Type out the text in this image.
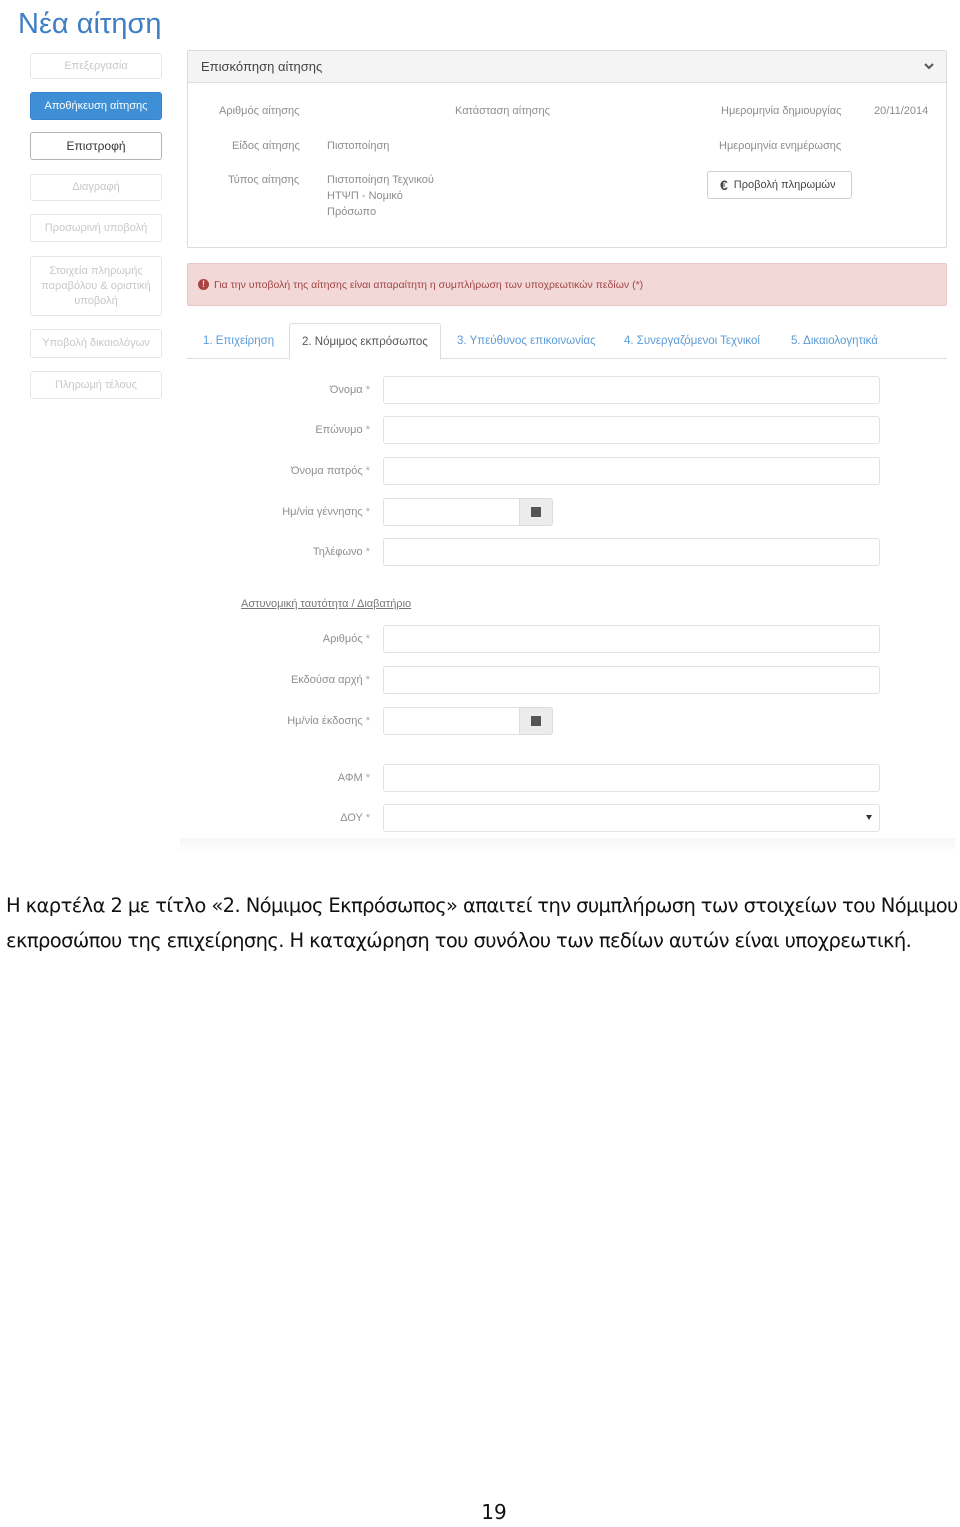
Νέα αίτηση
Επεξεργασία
Αποθήκευση αίτησης
Επιστροφή
Διαγραφή
Προσωρινή υποβολή
Στοιχεία πληρωμής παραβόλου & οριστική υποβολή
Υποβολή δικαιολόγων
Πληρωμή τέλους
Επισκόπηση αίτησης
Αριθμός αίτησης	Κατάσταση αίτησης	Ημερομηνία δημιουργίας	20/11/2014
Είδος αίτησης Πιστοποίηση	Ημερομηνία ενημέρωσης
Τύπος αίτησης	Πιστοποίηση Τεχνικού ΗΤΨΠ - Νομικό Πρόσωπο
€ Προβολή πληρωμών
! Για την υποβολή της αίτησης είναι απαραίτητη η συμπλήρωση των υποχρεωτικών πεδίων (*)
1. Επιχείρηση	2. Νόμιμος εκπρόσωπος	3. Υπεύθυνος επικοινωνίας	4. Συνεργαζόμενοι Τεχνικοί	5. Δικαιολογητικά
Όνομα *
Επώνυμο *
Όνομα πατρός *
Ημ/νία γέννησης *
Τηλέφωνο *
Αστυνομική ταυτότητα / Διαβατήριο
Αριθμός *
Εκδούσα αρχή *
Ημ/νία έκδοσης *
ΑΦΜ *
ΔΟΥ *
Η καρτέλα 2 με τίτλο «2. Νόμιμος Εκπρόσωπος» απαιτεί την συμπλήρωση των στοιχείων του Νόμιμου εκπροσώπου της επιχείρησης. Η καταχώρηση του συνόλου των πεδίων αυτών είναι υποχρεωτική.
19
